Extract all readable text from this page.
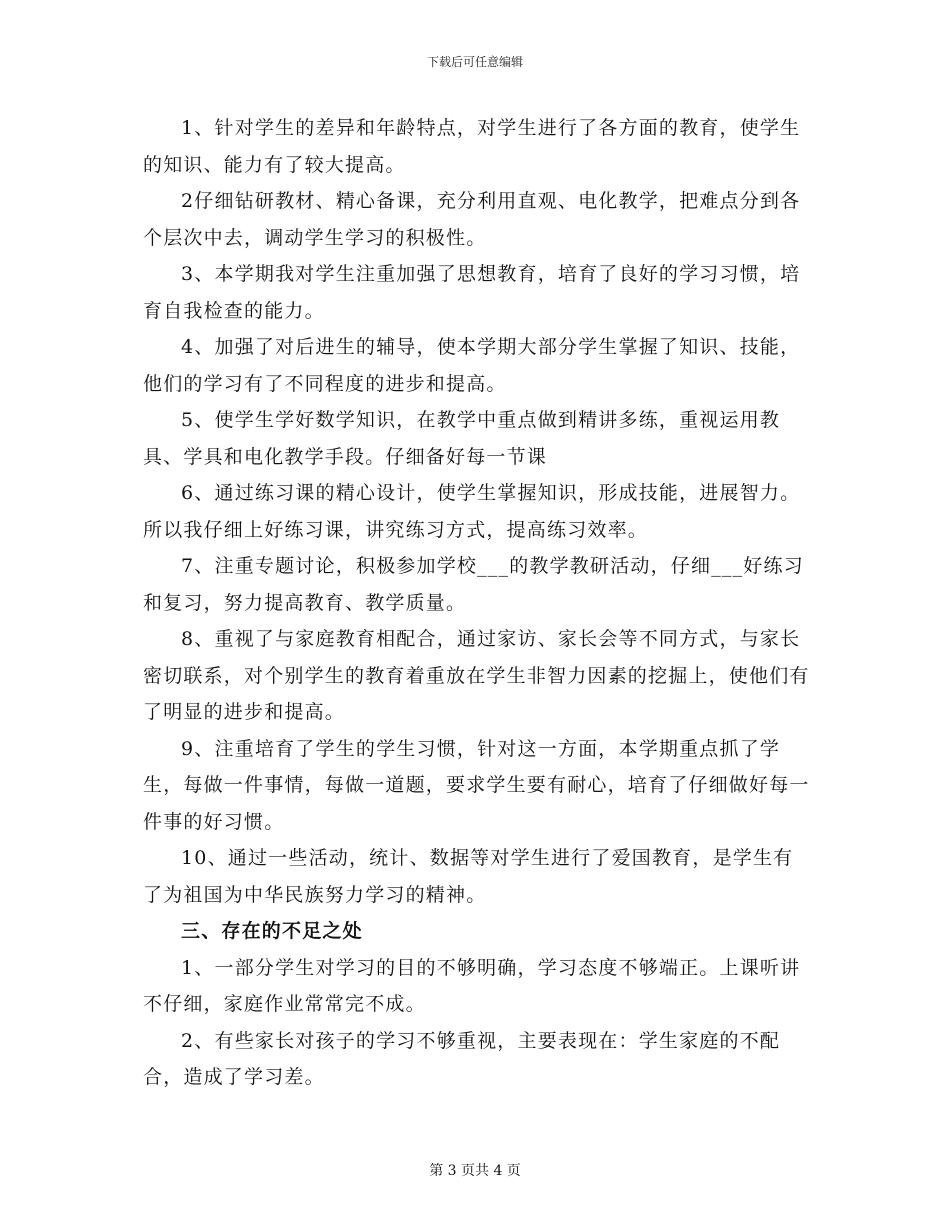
下载后可任意编辑

1、针对学生的差异和年龄特点，对学生进行了各方面的教育，使学生的知识、能力有了较大提高。

2仔细钻研教材、精心备课，充分利用直观、电化教学，把难点分到各个层次中去，调动学生学习的积极性。

3、本学期我对学生注重加强了思想教育，培育了良好的学习习惯，培育自我检查的能力。

4、加强了对后进生的辅导，使本学期大部分学生掌握了知识、技能，他们的学习有了不同程度的进步和提高。

5、使学生学好数学知识，在教学中重点做到精讲多练，重视运用教具、学具和电化教学手段。仔细备好每一节课

6、通过练习课的精心设计，使学生掌握知识，形成技能，进展智力。所以我仔细上好练习课，讲究练习方式，提高练习效率。

7、注重专题讨论，积极参加学校___的教学教研活动，仔细___好练习和复习，努力提高教育、教学质量。

8、重视了与家庭教育相配合，通过家访、家长会等不同方式，与家长密切联系，对个别学生的教育着重放在学生非智力因素的挖掘上，使他们有了明显的进步和提高。

9、注重培育了学生的学生习惯，针对这一方面，本学期重点抓了学生，每做一件事情，每做一道题，要求学生要有耐心，培育了仔细做好每一件事的好习惯。

10、通过一些活动，统计、数据等对学生进行了爱国教育，是学生有了为祖国为中华民族努力学习的精神。

三、存在的不足之处

1、一部分学生对学习的目的不够明确，学习态度不够端正。上课听讲不仔细，家庭作业常常完不成。

2、有些家长对孩子的学习不够重视，主要表现在：学生家庭的不配合，造成了学习差。

第 3 页共 4 页
